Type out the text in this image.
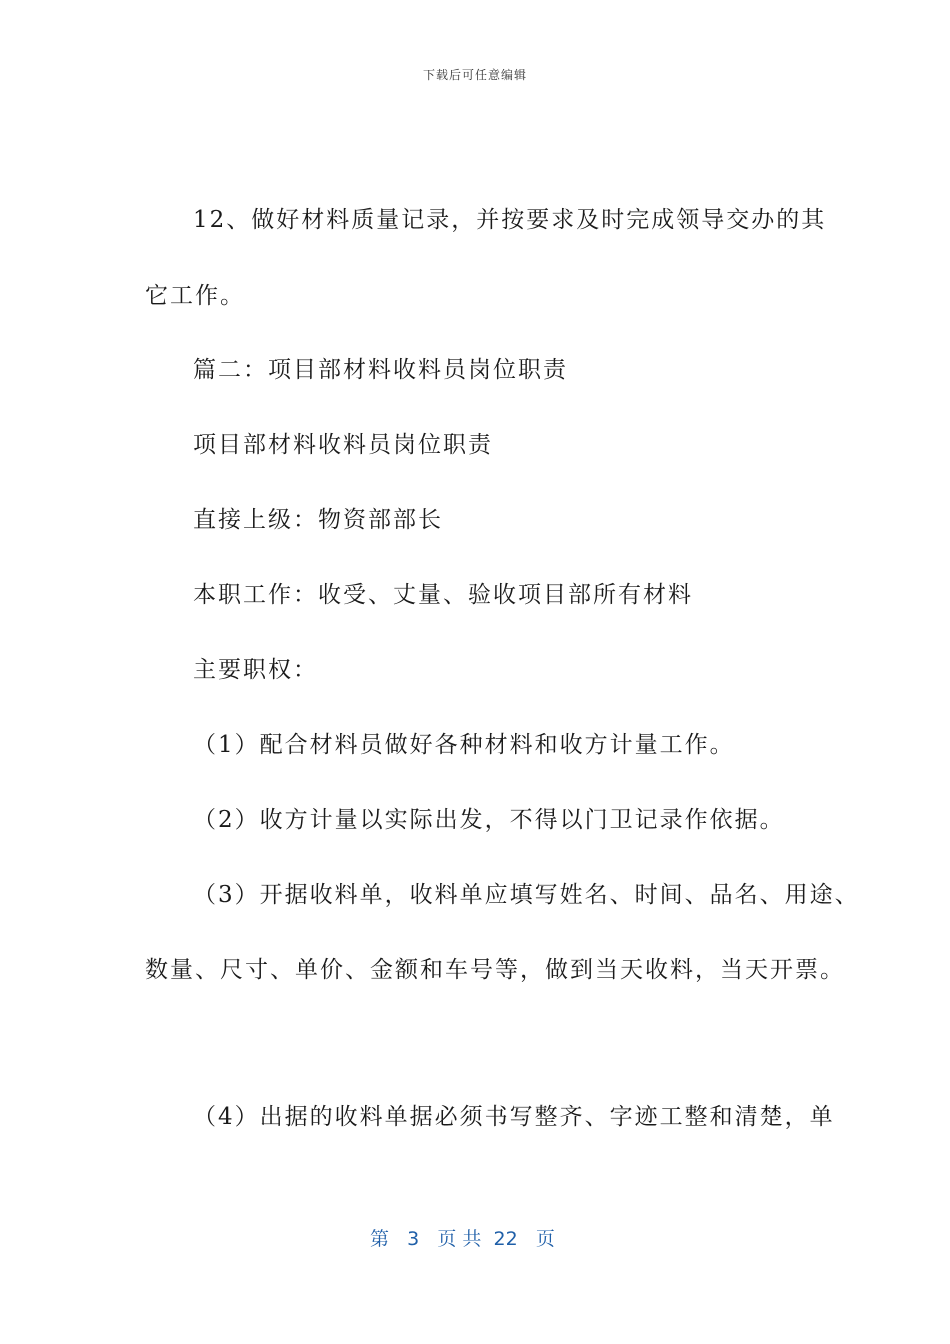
下载后可任意编辑
12、做好材料质量记录，并按要求及时完成领导交办的其
它工作。
篇二：项目部材料收料员岗位职责
项目部材料收料员岗位职责
直接上级：物资部部长
本职工作：收受、丈量、验收项目部所有材料
主要职权：
（1）配合材料员做好各种材料和收方计量工作。
（2）收方计量以实际出发，不得以门卫记录作依据。
（3）开据收料单，收料单应填写姓名、时间、品名、用途、
数量、尺寸、单价、金额和车号等，做到当天收料，当天开票。
（4）出据的收料单据必须书写整齐、字迹工整和清楚，单
第 3 页 共 22 页
